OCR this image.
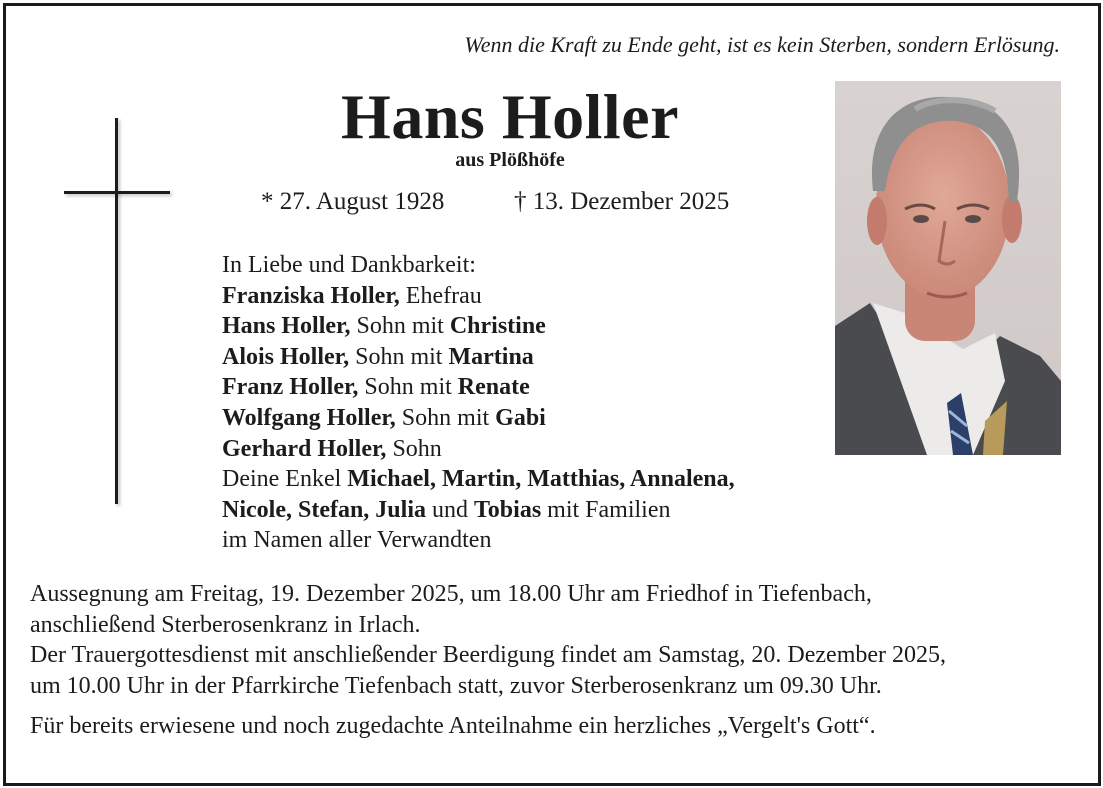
Wenn die Kraft zu Ende geht, ist es kein Sterben, sondern Erlösung.
Hans Holler
aus Plößhöfe
* 27. August 1928	† 13. Dezember 2025
In Liebe und Dankbarkeit:
Franziska Holler, Ehefrau
Hans Holler, Sohn mit Christine
Alois Holler, Sohn mit Martina
Franz Holler, Sohn mit Renate
Wolfgang Holler, Sohn mit Gabi
Gerhard Holler, Sohn
Deine Enkel Michael, Martin, Matthias, Annalena,
Nicole, Stefan, Julia und Tobias mit Familien
im Namen aller Verwandten
Aussegnung am Freitag, 19. Dezember 2025, um 18.00 Uhr am Friedhof in Tiefenbach,
anschließend Sterberosenkranz in Irlach.
Der Trauergottesdienst mit anschließender Beerdigung findet am Samstag, 20. Dezember 2025,
um 10.00 Uhr in der Pfarrkirche Tiefenbach statt, zuvor Sterberosenkranz um 09.30 Uhr.
Für bereits erwiesene und noch zugedachte Anteilnahme ein herzliches „Vergelt's Gott“.
